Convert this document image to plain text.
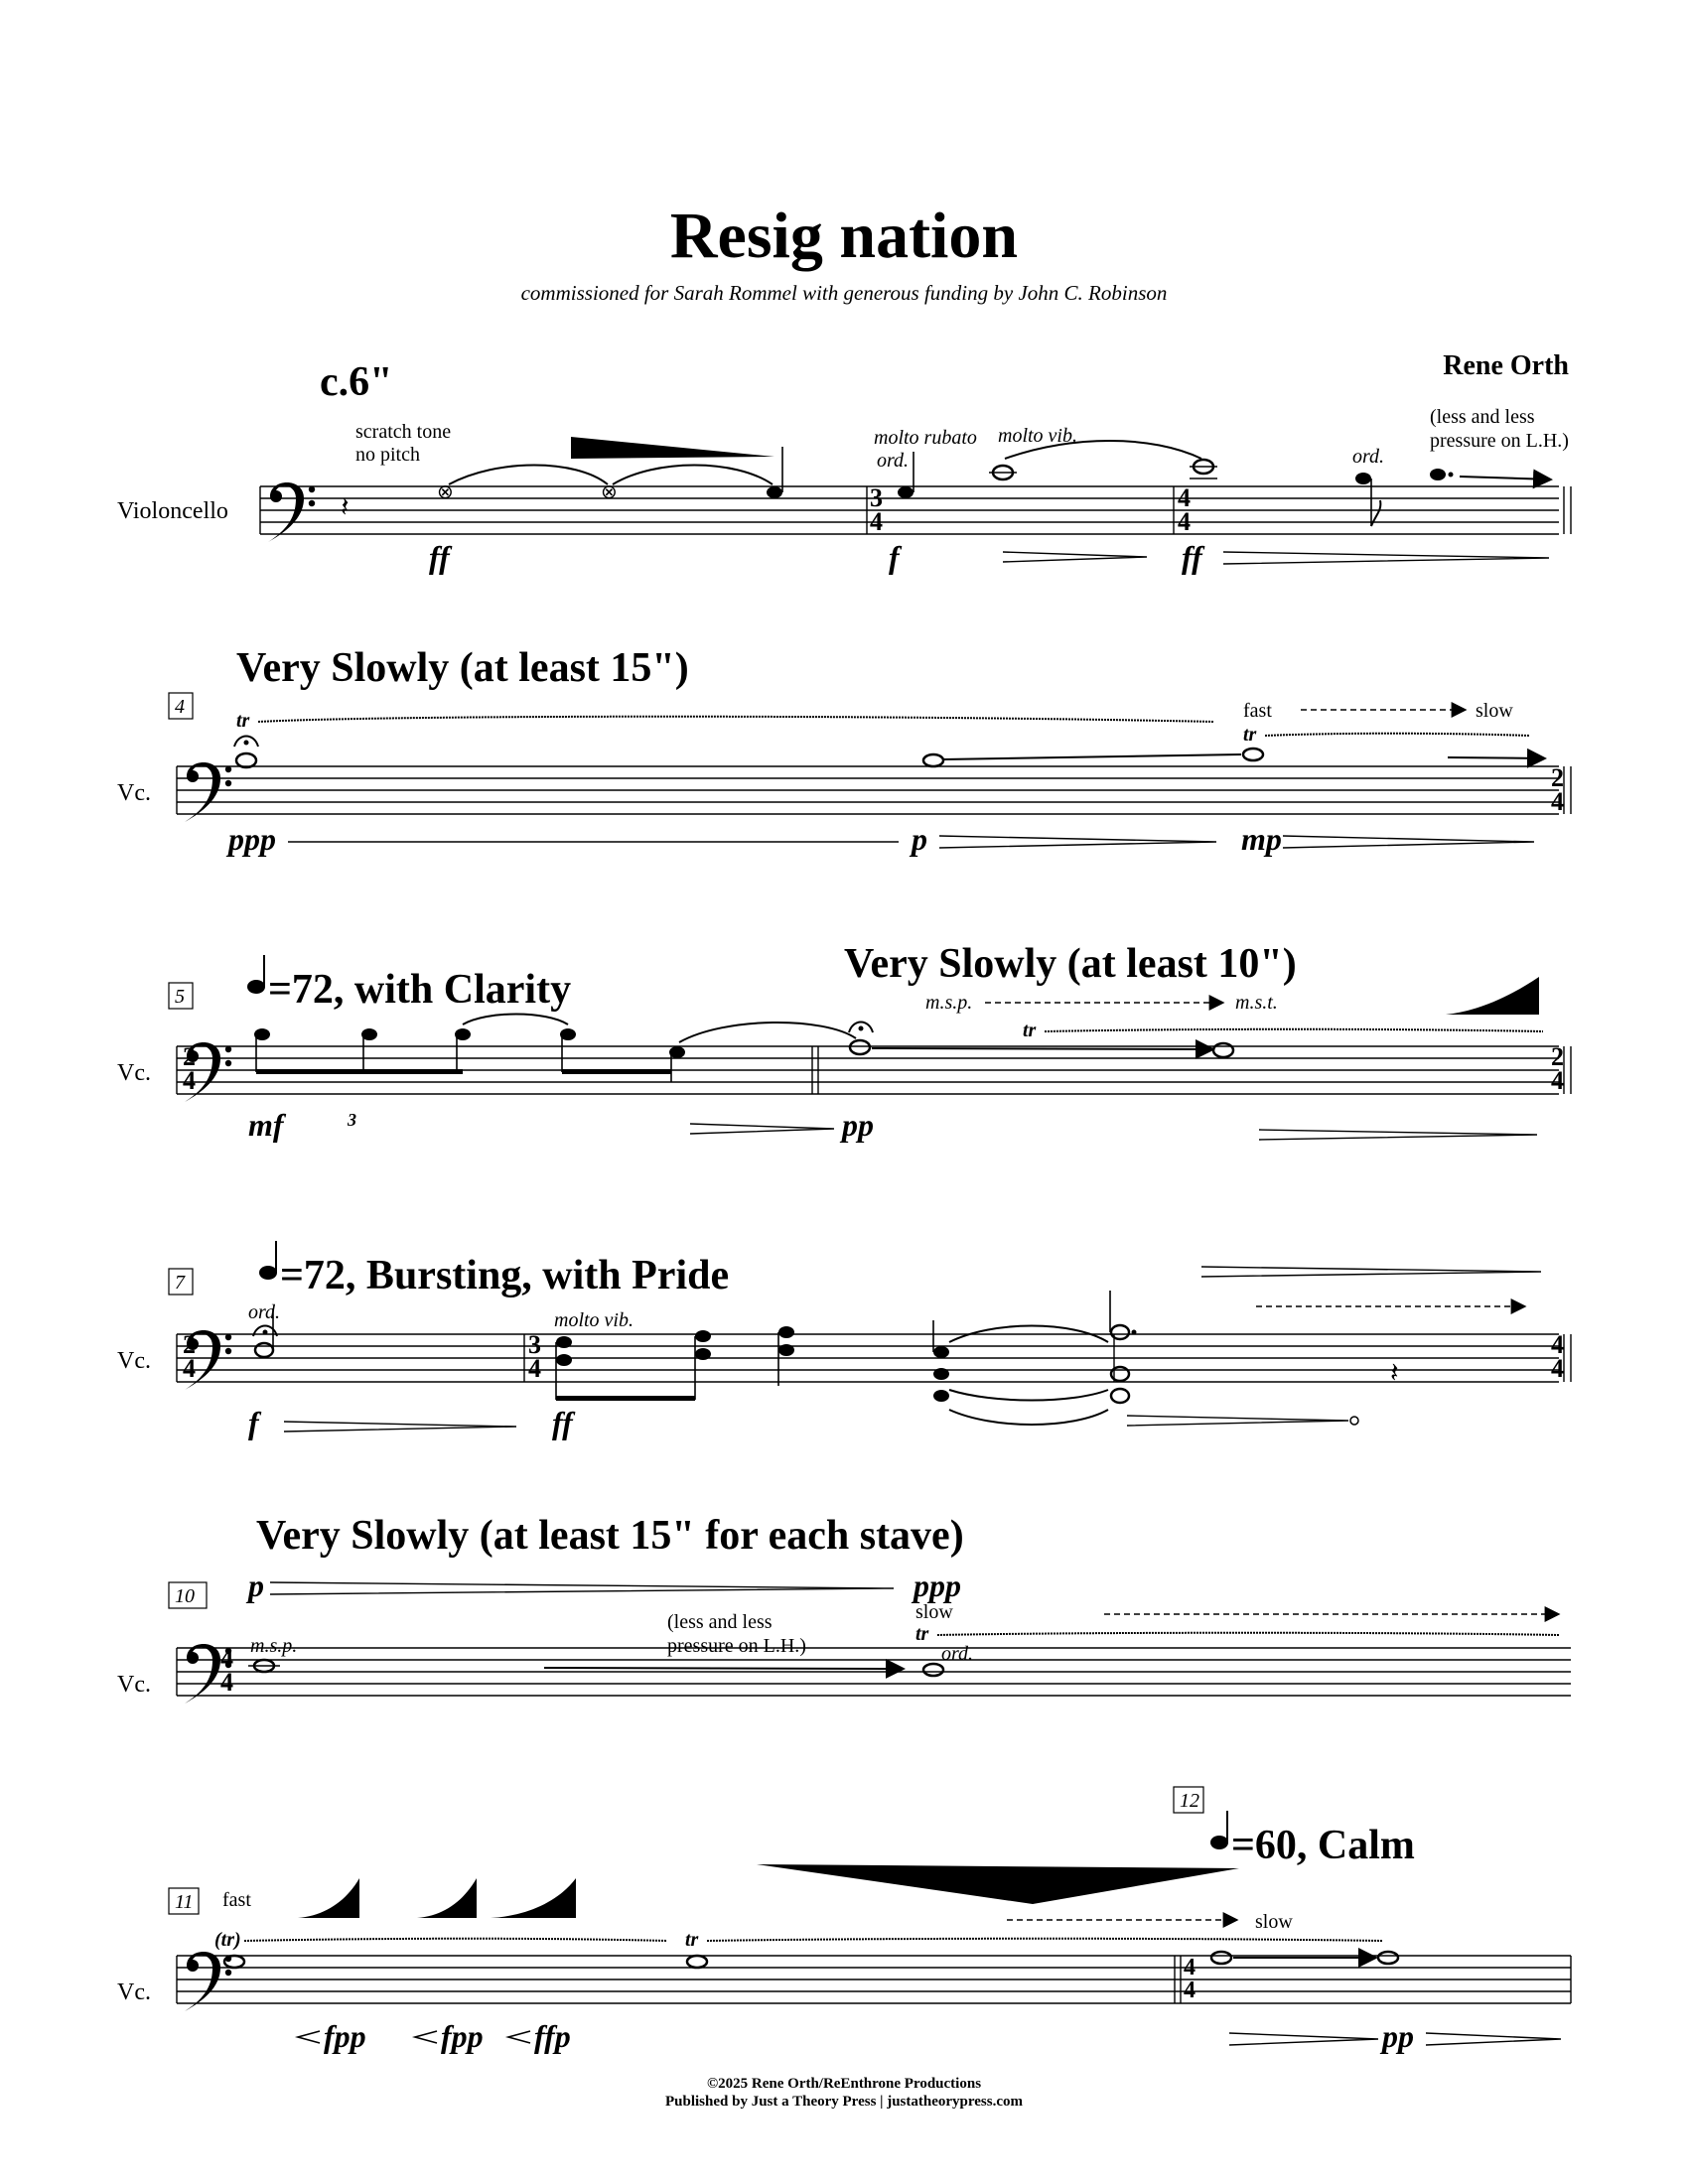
Resig nation
commissioned for Sarah Rommel with generous funding by John C. Robinson
Rene Orth
Violoncello
c.6"
scratch tone
no pitch
𝄽	⊗	⊗
ff
3
4
molto rubato molto vib.
ord.
f
4
4
ff
ord.
(less and less
pressure on L.H.)
Vc.
4
Very Slowly (at least 15")
tr
ppp	p
fast	slow
tr
mp
2
4
Vc.
5 =72, with Clarity
Very Slowly (at least 10")
2
4
3
mf	pp
m.s.p.	m.s.t.
tr
2
4
Vc.
7 =72, Bursting, with Pride
2
4
ord.
f
3
4
molto vib.
ff
𝄽
4
4
Vc.
10
Very Slowly (at least 15" for each stave)
p	ppp
4
4
m.s.p.
(less and less
pressure on L.H.)
slow
tr
ord.
Vc.
11
12
=60, Calm
fast
(tr)	tr
slow
4
4
fpp fpp ffp	pp
©2025 Rene Orth/ReEnthrone Productions
Published by Just a Theory Press | justatheorypress.com
